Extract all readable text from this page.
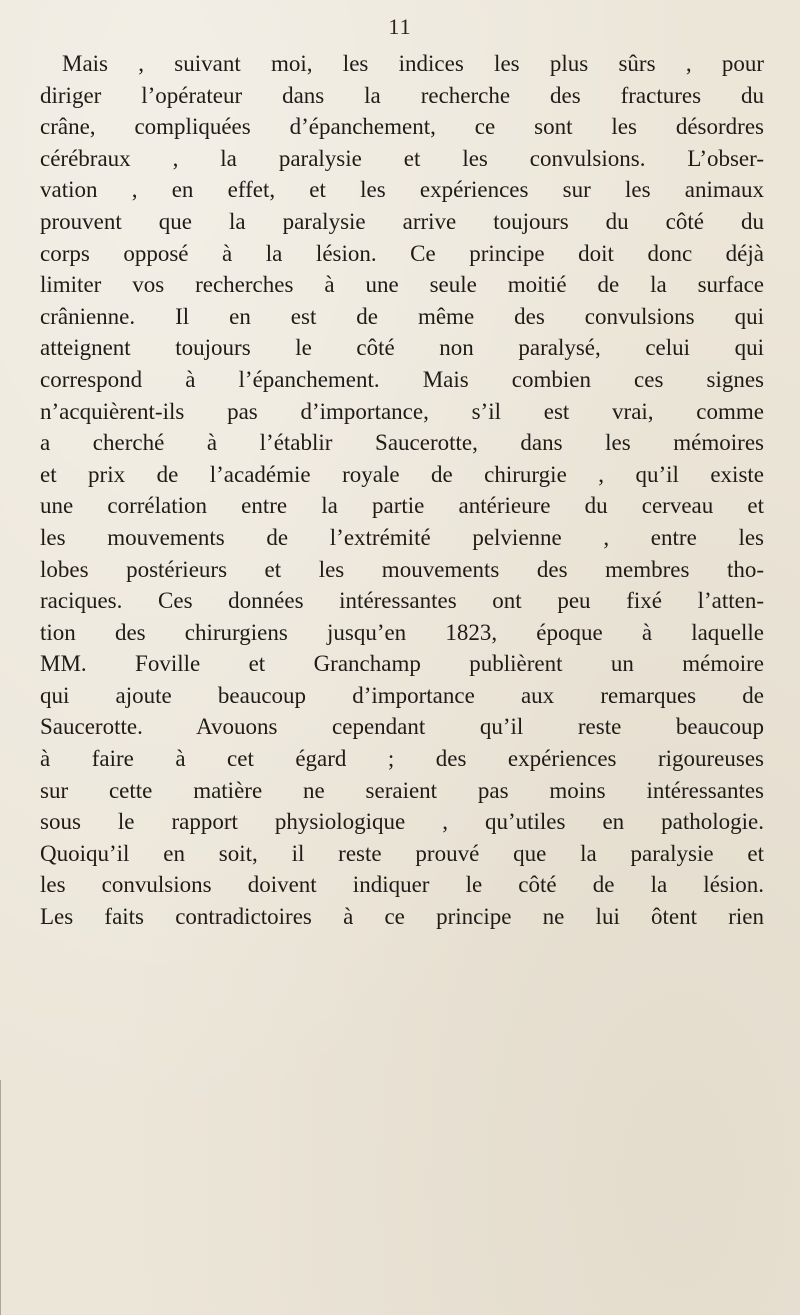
11
Mais , suivant moi, les indices les plus sûrs , pour
diriger l’opérateur dans la recherche des fractures du
crâne, compliquées d’épanchement, ce sont les désordres
cérébraux , la paralysie et les convulsions. L’obser-
vation , en effet, et les expériences sur les animaux
prouvent que la paralysie arrive toujours du côté du
corps opposé à la lésion. Ce principe doit donc déjà
limiter vos recherches à une seule moitié de la surface
crânienne. Il en est de même des convulsions qui
atteignent toujours le côté non paralysé, celui qui
correspond à l’épanchement. Mais combien ces signes
n’acquièrent-ils pas d’importance, s’il est vrai, comme
a cherché à l’établir Saucerotte, dans les mémoires
et prix de l’académie royale de chirurgie , qu’il existe
une corrélation entre la partie antérieure du cerveau et
les mouvements de l’extrémité pelvienne , entre les
lobes postérieurs et les mouvements des membres tho-
raciques. Ces données intéressantes ont peu fixé l’atten-
tion des chirurgiens jusqu’en 1823, époque à laquelle
MM. Foville et Granchamp publièrent un mémoire
qui ajoute beaucoup d’importance aux remarques de
Saucerotte. Avouons cependant qu’il reste beaucoup
à faire à cet égard ; des expériences rigoureuses
sur cette matière ne seraient pas moins intéressantes
sous le rapport physiologique , qu’utiles en pathologie.
Quoiqu’il en soit, il reste prouvé que la paralysie et
les convulsions doivent indiquer le côté de la lésion.
Les faits contradictoires à ce principe ne lui ôtent rien
